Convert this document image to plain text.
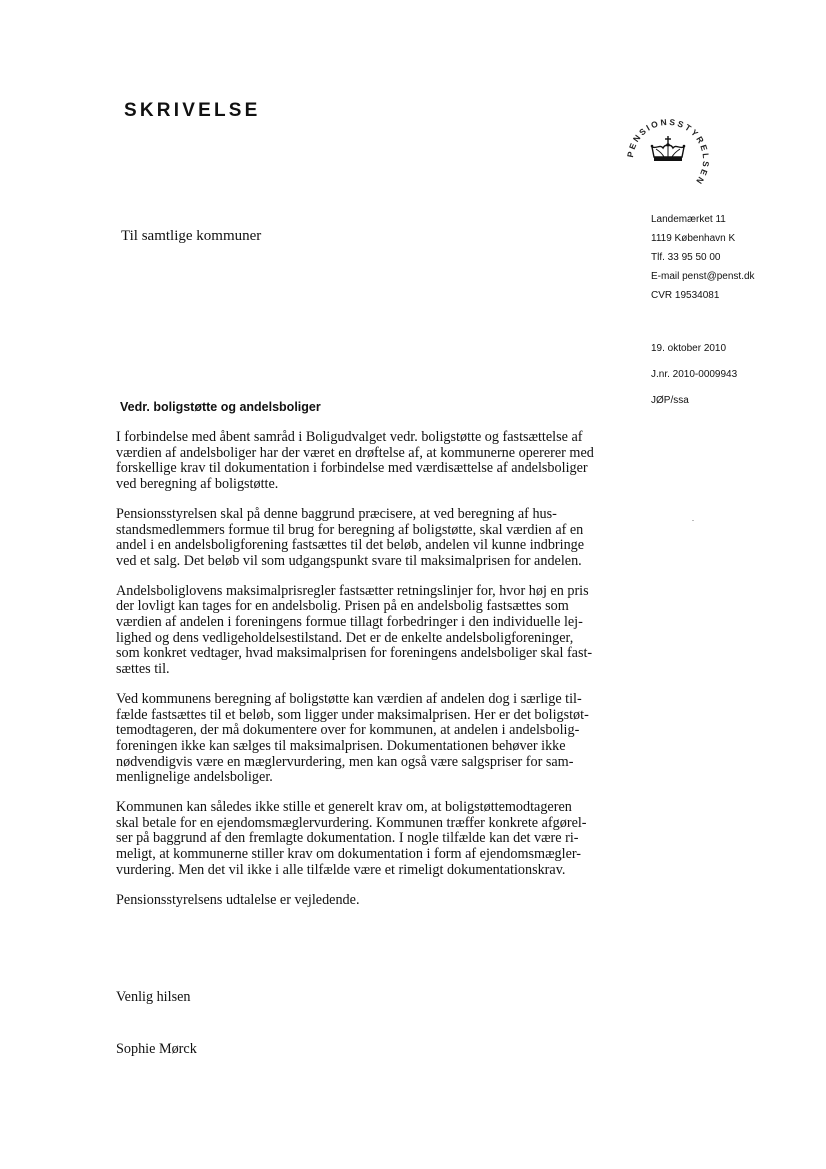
SKRIVELSE
PENSIONSSTYRELSEN
Landemærket 11
1119 København K
Tlf. 33 95 50 00
E-mail penst@penst.dk
CVR 19534081
Til samtlige kommuner
19. oktober 2010
J.nr. 2010-0009943
JØP/ssa
Vedr. boligstøtte og andelsboliger

I forbindelse med åbent samråd i Boligudvalget vedr. boligstøtte og fastsættelse af
værdien af andelsboliger har der været en drøftelse af, at kommunerne opererer med
forskellige krav til dokumentation i forbindelse med værdisættelse af andelsboliger
ved beregning af boligstøtte.

Pensionsstyrelsen skal på denne baggrund præcisere, at ved beregning af hus-
standsmedlemmers formue til brug for beregning af boligstøtte, skal værdien af en
andel i en andelsboligforening fastsættes til det beløb, andelen vil kunne indbringe
ved et salg. Det beløb vil som udgangspunkt svare til maksimalprisen for andelen.

Andelsboliglovens maksimalprisregler fastsætter retningslinjer for, hvor høj en pris
der lovligt kan tages for en andelsbolig. Prisen på en andelsbolig fastsættes som
værdien af andelen i foreningens formue tillagt forbedringer i den individuelle lej-
lighed og dens vedligeholdelsestilstand. Det er de enkelte andelsboligforeninger,
som konkret vedtager, hvad maksimalprisen for foreningens andelsboliger skal fast-
sættes til.

Ved kommunens beregning af boligstøtte kan værdien af andelen dog i særlige til-
fælde fastsættes til et beløb, som ligger under maksimalprisen. Her er det boligstøt-
temodtageren, der må dokumentere over for kommunen, at andelen i andelsbolig-
foreningen ikke kan sælges til maksimalprisen. Dokumentationen behøver ikke
nødvendigvis være en mæglervurdering, men kan også være salgspriser for sam-
menlignelige andelsboliger.

Kommunen kan således ikke stille et generelt krav om, at boligstøttemodtageren
skal betale for en ejendomsmæglervurdering. Kommunen træffer konkrete afgørel-
ser på baggrund af den fremlagte dokumentation. I nogle tilfælde kan det være ri-
meligt, at kommunerne stiller krav om dokumentation i form af ejendomsmægler-
vurdering. Men det vil ikke i alle tilfælde være et rimeligt dokumentationskrav.

Pensionsstyrelsens udtalelse er vejledende.

Venlig hilsen
Sophie Mørck
